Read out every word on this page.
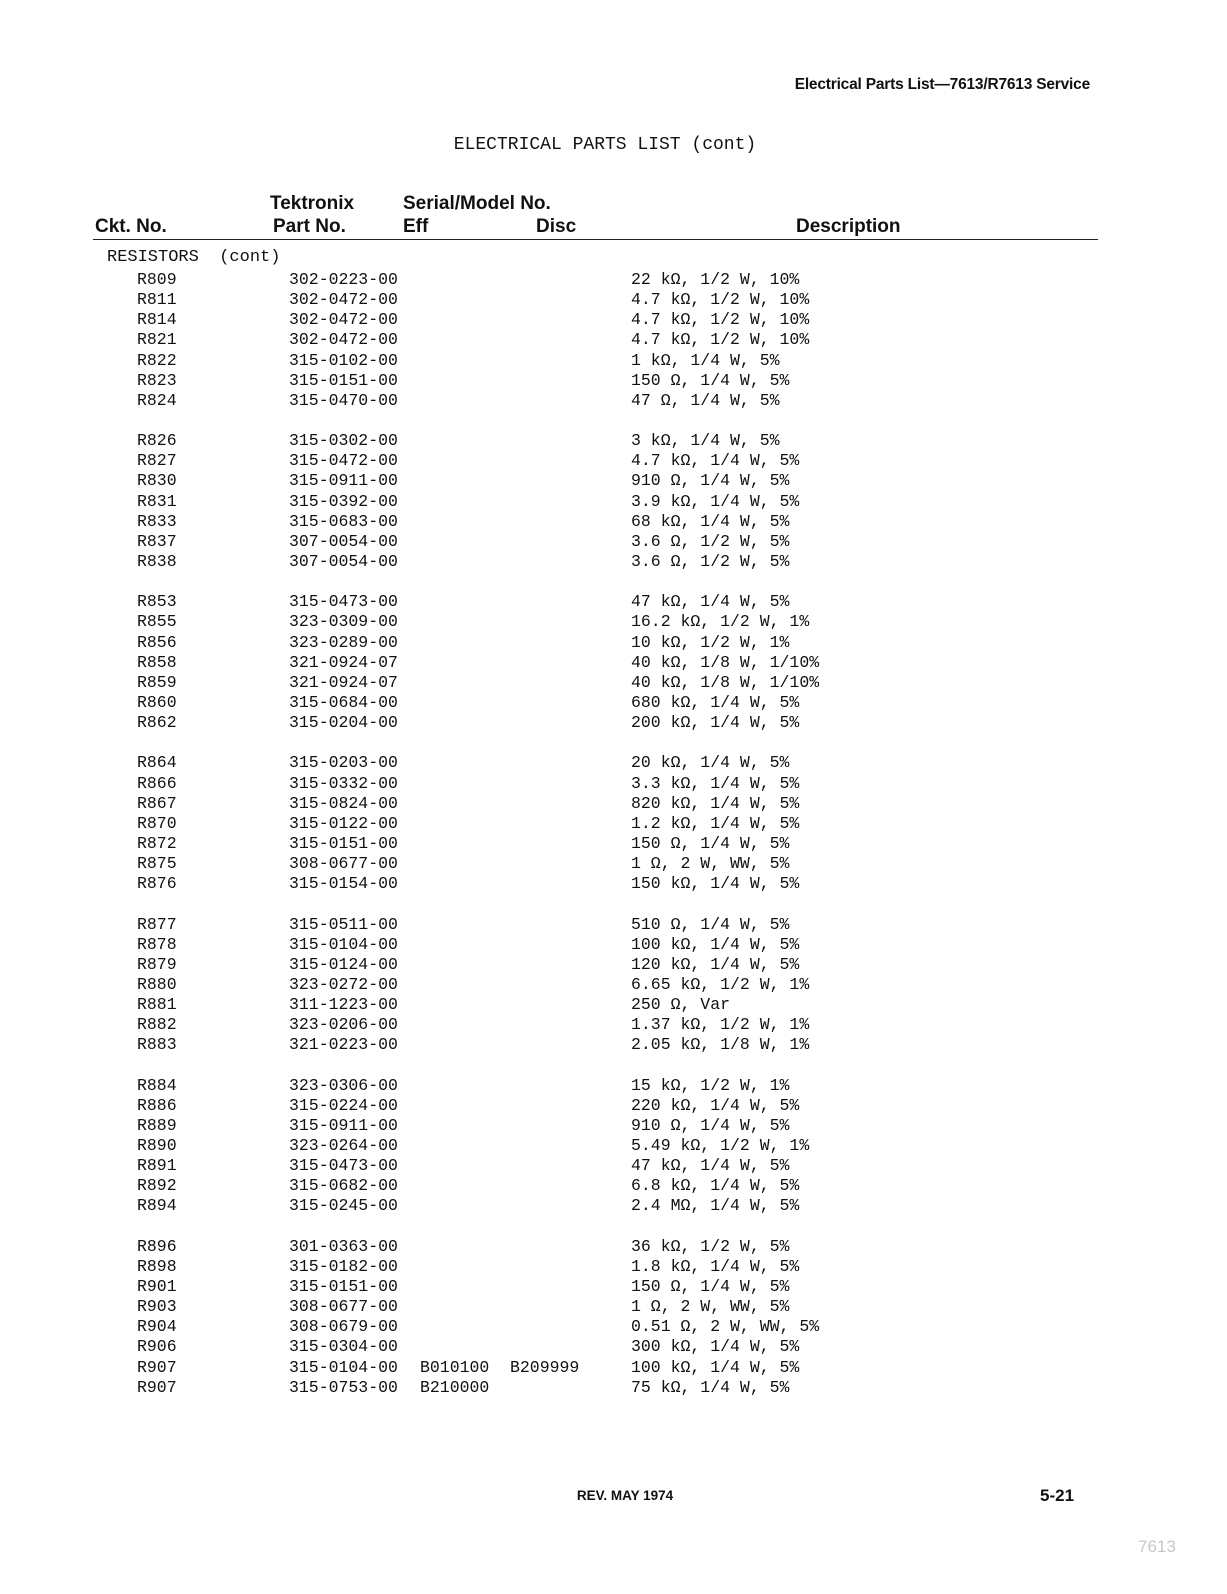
Electrical Parts List—7613/R7613 Service
ELECTRICAL PARTS LIST (cont)
Ckt. No.
Tektronix
Part No.
Serial/Model No.
Eff	Disc	Description
RESISTORS (cont)
R809	302-0223-00	22 kΩ, 1/2 W, 10%
R811	302-0472-00	4.7 kΩ, 1/2 W, 10%
R814	302-0472-00	4.7 kΩ, 1/2 W, 10%
R821	302-0472-00	4.7 kΩ, 1/2 W, 10%
R822	315-0102-00	1 kΩ, 1/4 W, 5%
R823	315-0151-00	150 Ω, 1/4 W, 5%
R824	315-0470-00	47 Ω, 1/4 W, 5%
R826	315-0302-00	3 kΩ, 1/4 W, 5%
R827	315-0472-00	4.7 kΩ, 1/4 W, 5%
R830	315-0911-00	910 Ω, 1/4 W, 5%
R831	315-0392-00	3.9 kΩ, 1/4 W, 5%
R833	315-0683-00	68 kΩ, 1/4 W, 5%
R837	307-0054-00	3.6 Ω, 1/2 W, 5%
R838	307-0054-00	3.6 Ω, 1/2 W, 5%
R853	315-0473-00	47 kΩ, 1/4 W, 5%
R855	323-0309-00	16.2 kΩ, 1/2 W, 1%
R856	323-0289-00	10 kΩ, 1/2 W, 1%
R858	321-0924-07	40 kΩ, 1/8 W, 1/10%
R859	321-0924-07	40 kΩ, 1/8 W, 1/10%
R860	315-0684-00	680 kΩ, 1/4 W, 5%
R862	315-0204-00	200 kΩ, 1/4 W, 5%
R864	315-0203-00	20 kΩ, 1/4 W, 5%
R866	315-0332-00	3.3 kΩ, 1/4 W, 5%
R867	315-0824-00	820 kΩ, 1/4 W, 5%
R870	315-0122-00	1.2 kΩ, 1/4 W, 5%
R872	315-0151-00	150 Ω, 1/4 W, 5%
R875	308-0677-00	1 Ω, 2 W, WW, 5%
R876	315-0154-00	150 kΩ, 1/4 W, 5%
R877	315-0511-00	510 Ω, 1/4 W, 5%
R878	315-0104-00	100 kΩ, 1/4 W, 5%
R879	315-0124-00	120 kΩ, 1/4 W, 5%
R880	323-0272-00	6.65 kΩ, 1/2 W, 1%
R881	311-1223-00	250 Ω, Var
R882	323-0206-00	1.37 kΩ, 1/2 W, 1%
R883	321-0223-00	2.05 kΩ, 1/8 W, 1%
R884	323-0306-00	15 kΩ, 1/2 W, 1%
R886	315-0224-00	220 kΩ, 1/4 W, 5%
R889	315-0911-00	910 Ω, 1/4 W, 5%
R890	323-0264-00	5.49 kΩ, 1/2 W, 1%
R891	315-0473-00	47 kΩ, 1/4 W, 5%
R892	315-0682-00	6.8 kΩ, 1/4 W, 5%
R894	315-0245-00	2.4 MΩ, 1/4 W, 5%
R896	301-0363-00	36 kΩ, 1/2 W, 5%
R898	315-0182-00	1.8 kΩ, 1/4 W, 5%
R901	315-0151-00	150 Ω, 1/4 W, 5%
R903	308-0677-00	1 Ω, 2 W, WW, 5%
R904	308-0679-00	0.51 Ω, 2 W, WW, 5%
R906	315-0304-00	300 kΩ, 1/4 W, 5%
R907	315-0104-00 B010100 B209999	100 kΩ, 1/4 W, 5%
R907	315-0753-00 B210000	75 kΩ, 1/4 W, 5%
REV. MAY 1974	5-21
7613
